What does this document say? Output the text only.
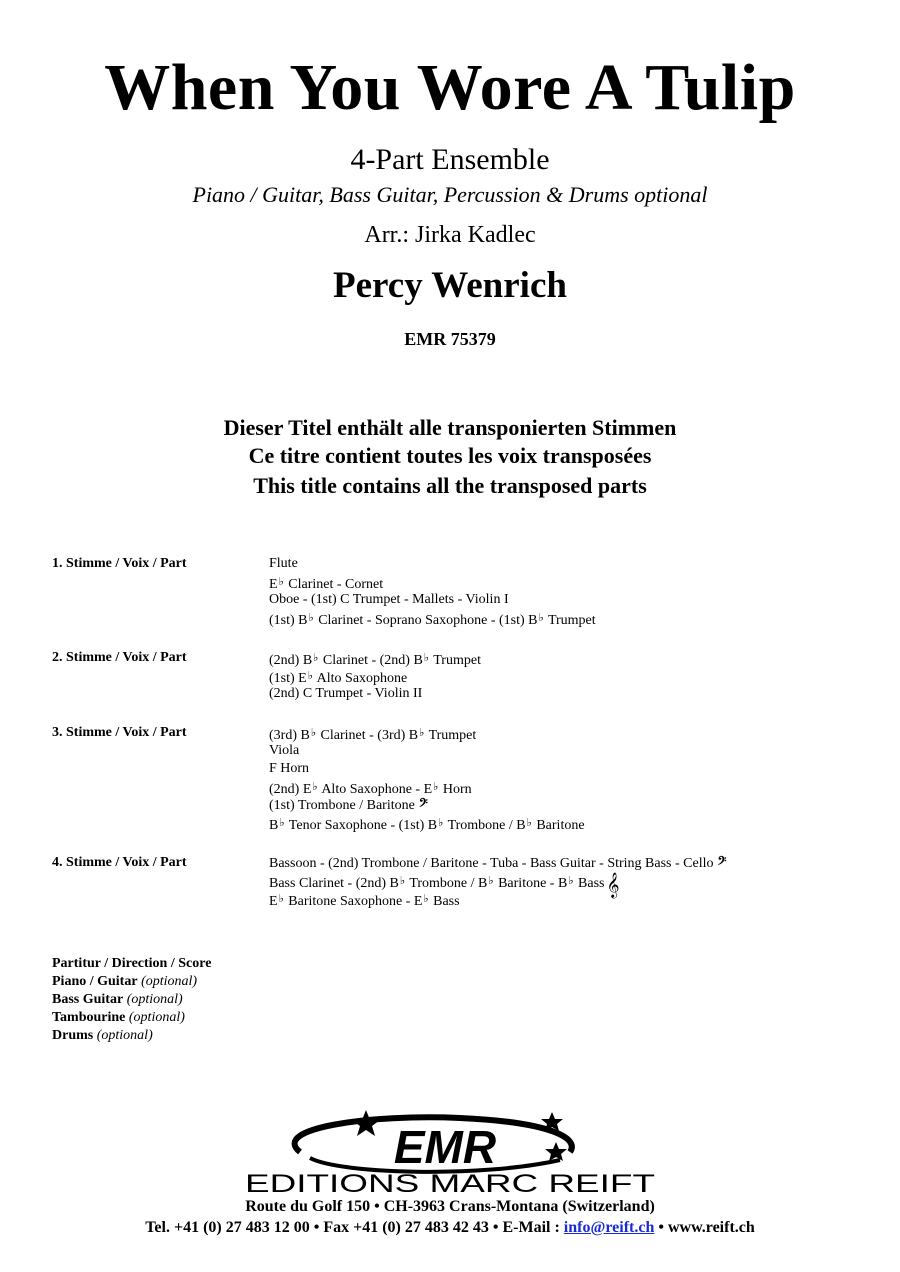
When You Wore A Tulip
4-Part Ensemble
Piano / Guitar, Bass Guitar, Percussion & Drums optional
Arr.: Jirka Kadlec
Percy Wenrich
EMR 75379
Dieser Titel enthält alle transponierten Stimmen
Ce titre contient toutes les voix transposées
This title contains all the transposed parts
1. Stimme / Voix / Part	Flute
E♭ Clarinet - Cornet
Oboe - (1st) C Trumpet - Mallets - Violin I
(1st) B♭ Clarinet - Soprano Saxophone - (1st) B♭ Trumpet
2. Stimme / Voix / Part	(2nd) B♭ Clarinet - (2nd) B♭ Trumpet
(1st) E♭ Alto Saxophone
(2nd) C Trumpet - Violin II
3. Stimme / Voix / Part	(3rd) B♭ Clarinet - (3rd) B♭ Trumpet
Viola
F Horn
(2nd) E♭ Alto Saxophone - E♭ Horn
(1st) Trombone / Baritone 𝄢
B♭ Tenor Saxophone - (1st) B♭ Trombone / B♭ Baritone
4. Stimme / Voix / Part	Bassoon - (2nd) Trombone / Baritone - Tuba - Bass Guitar - String Bass - Cello 𝄢
Bass Clarinet - (2nd) B♭ Trombone / B♭ Baritone - B♭ Bass𝄞
E♭ Baritone Saxophone - E♭ Bass
Partitur / Direction / Score
Piano / Guitar (optional)
Bass Guitar (optional)
Tambourine (optional)
Drums (optional)
EMR
EDITIONS MARC REIFT
Route du Golf 150 • CH-3963 Crans-Montana (Switzerland)
Tel. +41 (0) 27 483 12 00 • Fax +41 (0) 27 483 42 43 • E-Mail : info@reift.ch • www.reift.ch
